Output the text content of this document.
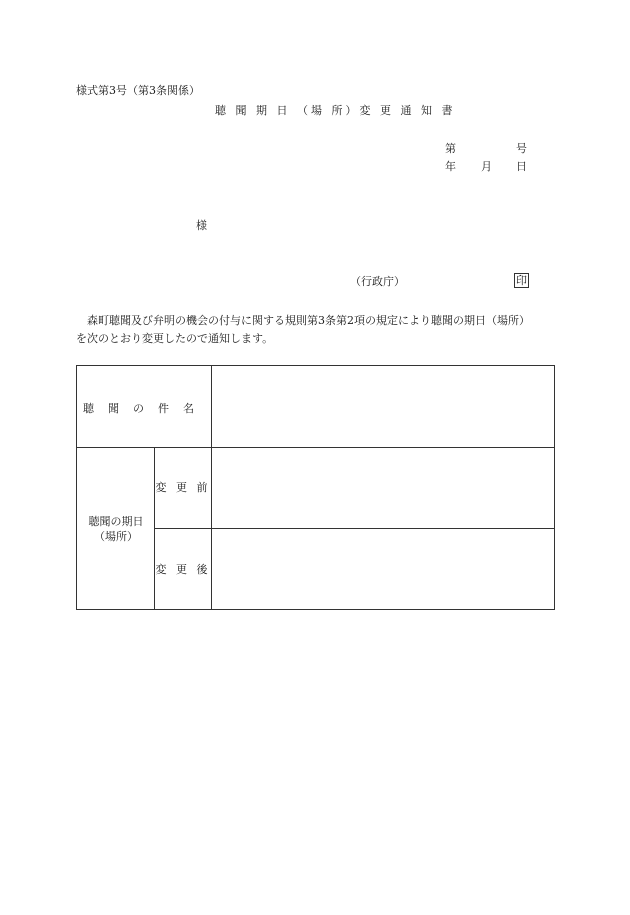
様式第3号（第3条関係）
聴 聞 期 日 （場 所）変 更 通 知 書
第	号
年 月 日
様
（行政庁）	印

森町聴聞及び弁明の機会の付与に関する規則第3条第2項の規定により聴聞の期日（場所）

を次のとおり変更したので通知します。

聴 聞 の 件 名
聴聞の期日
（場所）
変 更 前
変 更 後
